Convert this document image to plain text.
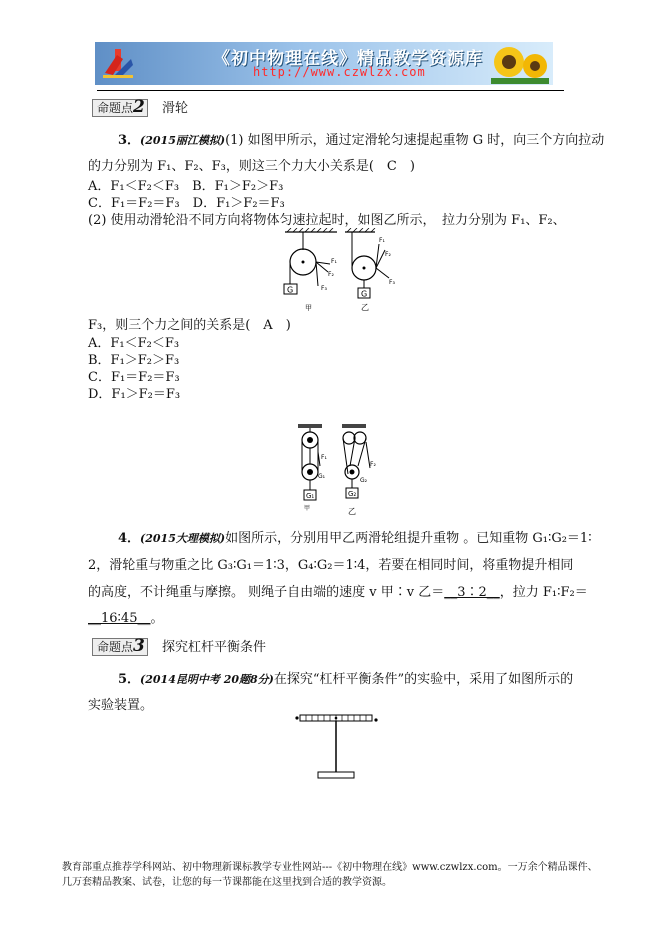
《初中物理在线》精品教学资源库
http://www.czwlzx.com
命题点2 滑轮
3．(2015丽江模拟)(1) 如图甲所示，通过定滑轮匀速提起重物 G 时，向三个方向拉动
的力分别为 F₁、F₂、F₃，则这三个力大小关系是(　C　)
A．F₁＜F₂＜F₃　B．F₁＞F₂＞F₃
C．F₁＝F₂＝F₃　D．F₁＞F₂＝F₃
(2) 使用动滑轮沿不同方向将物体匀速拉起时，如图乙所示，　拉力分别为 F₁、F₂、
G
F₁
F₂
F₃
甲
F₁
F₂
F₃
G
乙
F₃，则三个力之间的关系是(　A　)
A．F₁＜F₂＜F₃
B．F₁＞F₂＞F₃
C．F₁＝F₂＝F₃
D．F₁＞F₂＝F₃
F₁
G₁
G₁
甲
F₂
G₂
G₂
乙
4．(2015大理模拟)如图所示，分别用甲乙两滑轮组提升重物 。已知重物 G₁∶G₂＝1∶
2，滑轮重与物重之比 G₃∶G₁＝1∶3，G₄∶G₂＝1∶4，若要在相同时间，将重物提升相同
的高度，不计绳重与摩擦。 则绳子自由端的速度 v 甲∶v 乙＝__3∶2__，拉力 F₁∶F₂＝
__16∶45__。
命题点3 探究杠杆平衡条件
5．(2014昆明中考 20题8分)在探究“杠杆平衡条件”的实验中，采用了如图所示的
实验装置。
教育部重点推荐学科网站、初中物理新课标教学专业性网站---《初中物理在线》www.czwlzx.com。一万余个精品课件、
几万套精品教案、试卷，让您的每一节课都能在这里找到合适的教学资源。
